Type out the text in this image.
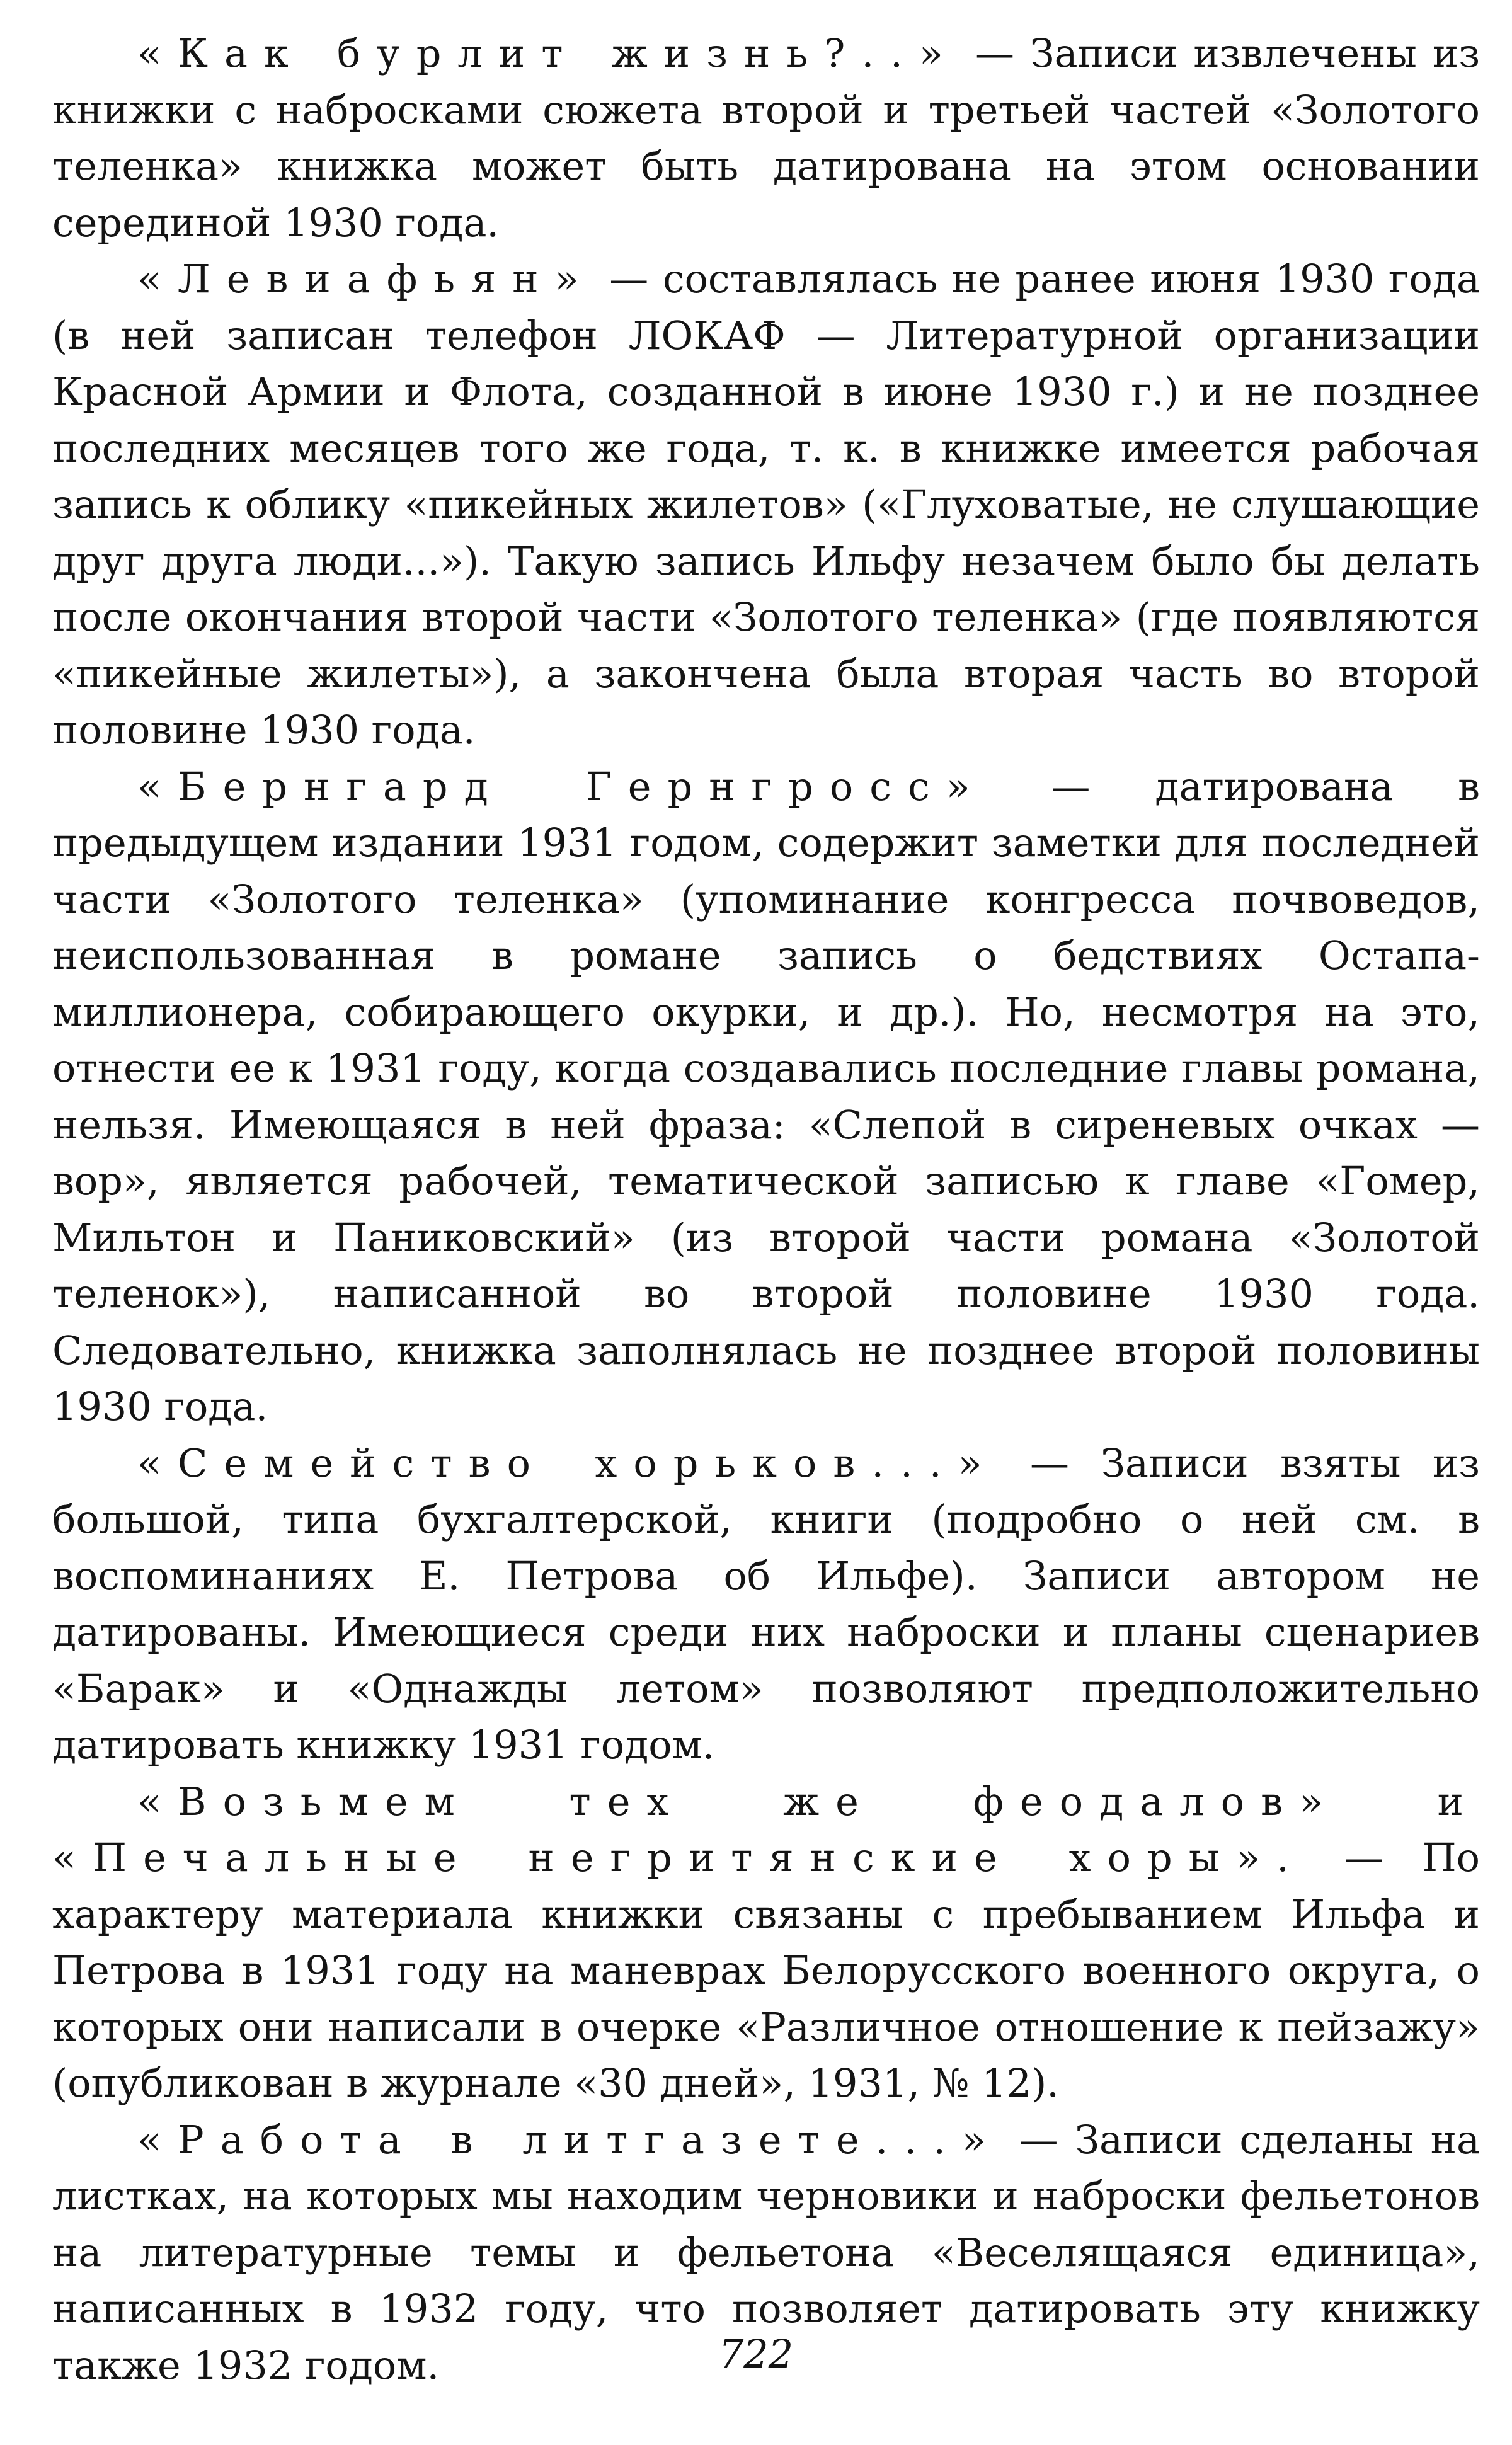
«Как бурлит жизнь?..» — Записи извлечены из книжки с набросками сюжета второй и третьей частей «Золотого теленка» книжка может быть датирована на этом основании серединой 1930 года.

«Левиафьян» — составлялась не ранее июня 1930 года (в ней записан телефон ЛОКАФ — Литературной организации Красной Армии и Флота, созданной в июне 1930 г.) и не позднее последних месяцев того же года, т. к. в книжке имеется рабочая запись к облику «пикейных жилетов» («Глуховатые, не слушающие друг друга люди...»). Такую запись Ильфу незачем было бы делать после окончания второй части «Золотого теленка» (где появляются «пикейные жилеты»), а закончена была вторая часть во второй половине 1930 года.

«Бернгард Гернгросс» — датирована в предыдущем издании 1931 годом, содержит заметки для последней части «Золотого теленка» (упоминание конгресса почвоведов, неиспользованная в романе запись о бедствиях Остапа-миллионера, собирающего окурки, и др.). Но, несмотря на это, отнести ее к 1931 году, когда создавались последние главы романа, нельзя. Имеющаяся в ней фраза: «Слепой в сиреневых очках — вор», является рабочей, тематической записью к главе «Гомер, Мильтон и Паниковский» (из второй части романа «Золотой теленок»), написанной во второй половине 1930 года. Следовательно, книжка заполнялась не позднее второй половины 1930 года.

«Семейство хорьков...» — Записи взяты из большой, типа бухгалтерской, книги (подробно о ней см. в воспоминаниях Е. Петрова об Ильфе). Записи автором не датированы. Имеющиеся среди них наброски и планы сценариев «Барак» и «Однажды летом» позволяют предположительно датировать книжку 1931 годом.

«Возьмем тех же феодалов» и «Печальные негритянские хоры». — По характеру материала книжки связаны с пребыванием Ильфа и Петрова в 1931 году на маневрах Белорусского военного округа, о которых они написали в очерке «Различное отношение к пейзажу» (опубликован в журнале «30 дней», 1931, № 12).

«Работа в литгазете...» — Записи сделаны на листках, на которых мы находим черновики и наброски фельетонов на литературные темы и фельетона «Веселящаяся единица», написанных в 1932 году, что позволяет датировать эту книжку также 1932 годом.	722
